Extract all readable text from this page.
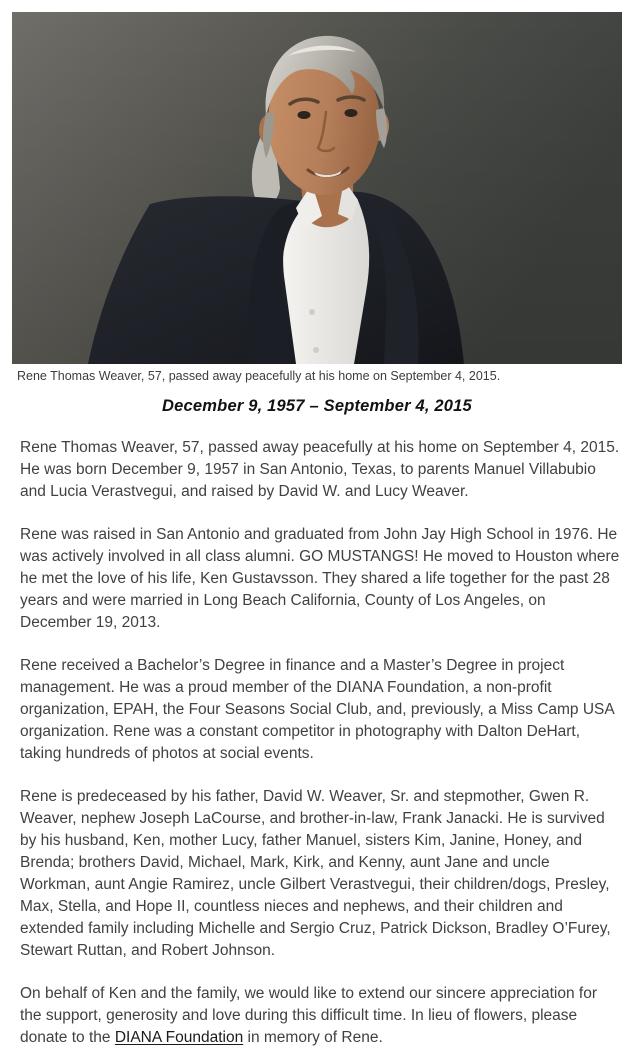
Rene Thomas Weaver, 57, passed away peacefully at his home on September 4, 2015.
December 9, 1957 – September 4, 2015

Rene Thomas Weaver, 57, passed away peacefully at his home on September 4, 2015. He was born December 9, 1957 in San Antonio, Texas, to parents Manuel Villabubio and Lucia Verastvegui, and raised by David W. and Lucy Weaver.

Rene was raised in San Antonio and graduated from John Jay High School in 1976. He was actively involved in all class alumni. GO MUSTANGS! He moved to Houston where he met the love of his life, Ken Gustavsson. They shared a life together for the past 28 years and were married in Long Beach California, County of Los Angeles, on December 19, 2013.

Rene received a Bachelor’s Degree in finance and a Master’s Degree in project management. He was a proud member of the DIANA Foundation, a non-profit organization, EPAH, the Four Seasons Social Club, and, previously, a Miss Camp USA organization. Rene was a constant competitor in photography with Dalton DeHart, taking hundreds of photos at social events.

Rene is predeceased by his father, David W. Weaver, Sr. and stepmother, Gwen R. Weaver, nephew Joseph LaCourse, and brother-in-law, Frank Janacki. He is survived by his husband, Ken, mother Lucy, father Manuel, sisters Kim, Janine, Honey, and Brenda; brothers David, Michael, Mark, Kirk, and Kenny, aunt Jane and uncle Workman, aunt Angie Ramirez, uncle Gilbert Verastvegui, their children/dogs, Presley, Max, Stella, and Hope II, countless nieces and nephews, and their children and extended family including Michelle and Sergio Cruz, Patrick Dickson, Bradley O’Furey, Stewart Ruttan, and Robert Johnson.

On behalf of Ken and the family, we would like to extend our sincere appreciation for the support, generosity and love during this difficult time. In lieu of flowers, please donate to the DIANA Foundation in memory of Rene.
